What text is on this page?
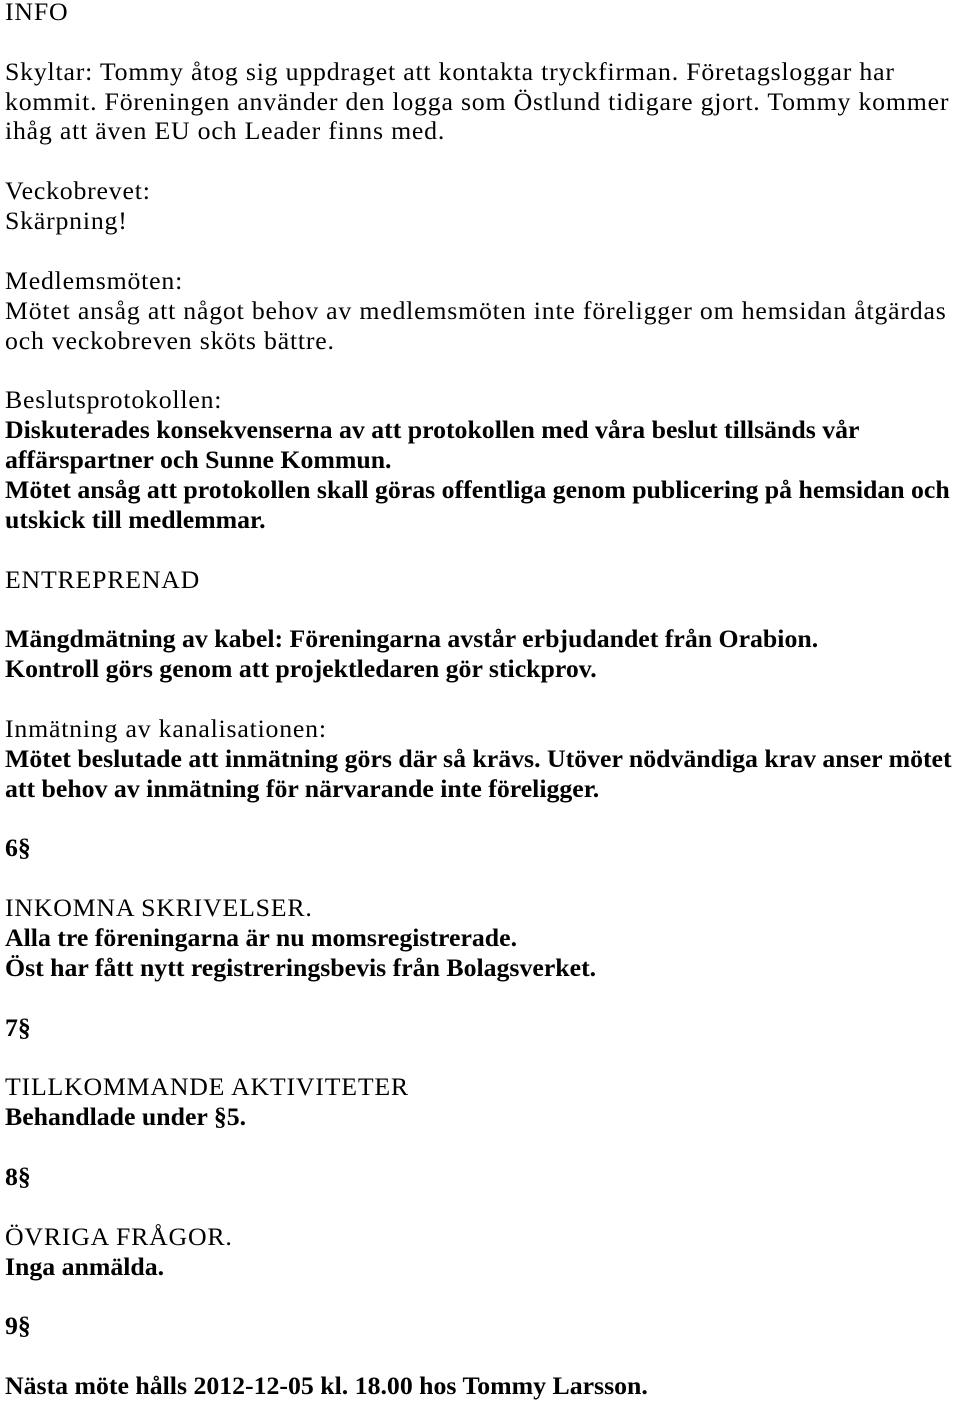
INFO
Skyltar: Tommy åtog sig uppdraget att kontakta tryckfirman. Företagsloggar har
kommit. Föreningen använder den logga som Östlund tidigare gjort. Tommy kommer
ihåg att även EU och Leader finns med.
Veckobrevet:
Skärpning!
Medlemsmöten:
Mötet ansåg att något behov av medlemsmöten inte föreligger om hemsidan åtgärdas
och veckobreven sköts bättre.
Beslutsprotokollen:
Diskuterades konsekvenserna av att protokollen med våra beslut tillsänds vår
affärspartner och Sunne Kommun.
Mötet ansåg att protokollen skall göras offentliga genom publicering på hemsidan och
utskick till medlemmar.
ENTREPRENAD
Mängdmätning av kabel: Föreningarna avstår erbjudandet från Orabion.
Kontroll görs genom att projektledaren gör stickprov.
Inmätning av kanalisationen:
Mötet beslutade att inmätning görs där så krävs. Utöver nödvändiga krav anser mötet
att behov av inmätning för närvarande inte föreligger.
6§
INKOMNA SKRIVELSER.
Alla tre föreningarna är nu momsregistrerade.
Öst har fått nytt registreringsbevis från Bolagsverket.
7§
TILLKOMMANDE AKTIVITETER
Behandlade under §5.
8§
ÖVRIGA FRÅGOR.
Inga anmälda.
9§
Nästa möte hålls 2012-12-05 kl. 18.00 hos Tommy Larsson.
